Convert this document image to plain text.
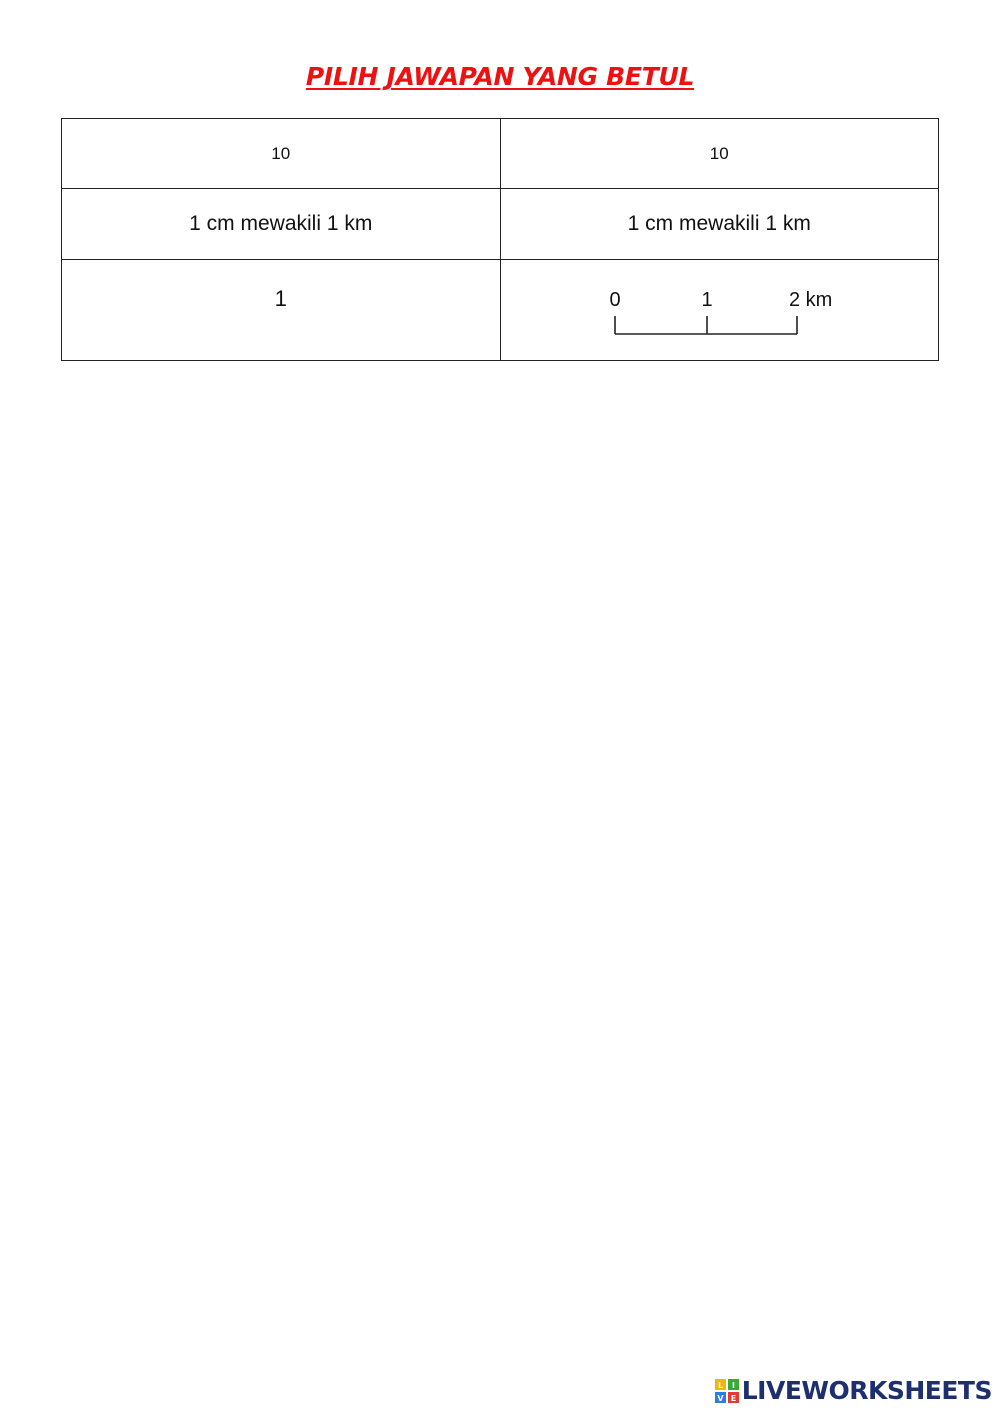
PILIH JAWAPAN YANG BETUL
10	10
1 cm mewakili 1 km	1 cm mewakili 1 km
1	0 1 2 km
L I
V E LIVEWORKSHEETS
